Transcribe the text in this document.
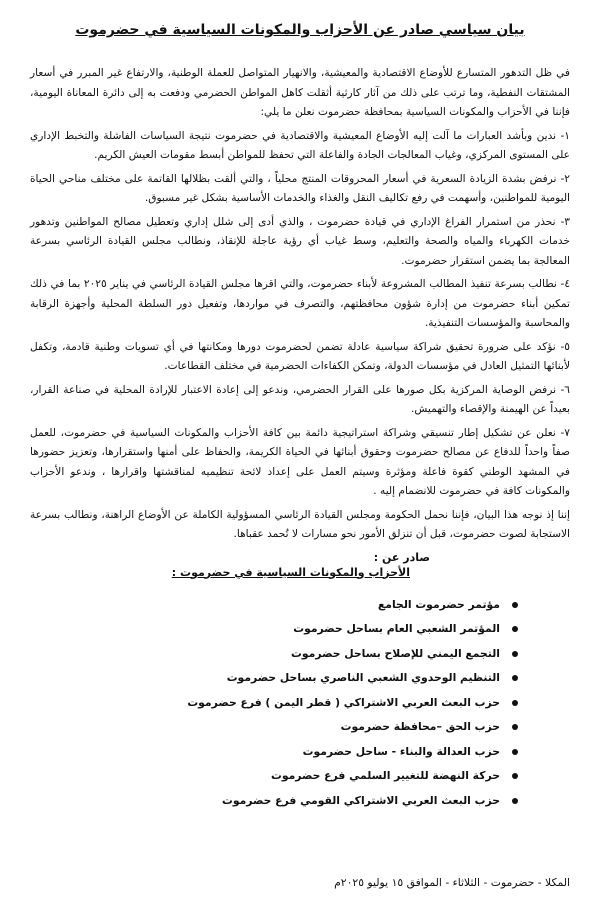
بيان سياسي صادر عن الأحزاب والمكونات السياسية في حضرموت

في ظل التدهور المتسارع للأوضاع الاقتصادية والمعيشية، والانهيار المتواصل للعملة الوطنية، والارتفاع غير المبرر في أسعار المشتقات النفطية، وما ترتب على ذلك من آثار كارثية أثقلت كاهل المواطن الحضرمي ودفعت به إلى دائرة المعاناة اليومية، فإننا في الأحزاب والمكونات السياسية بمحافظة حضرموت نعلن ما يلي:

١- ندين وبأشد العبارات ما آلت إليه الأوضاع المعيشية والاقتصادية في حضرموت نتيجة السياسات الفاشلة والتخبط الإداري على المستوى المركزي، وغياب المعالجات الجادة والفاعلة التي تحفظ للمواطن أبسط مقومات العيش الكريم.

٢- نرفض بشدة الزيادة السعرية في أسعار المحروقات المنتج محلياً ، والتي ألقت بظلالها القاتمة على مختلف مناحي الحياة اليومية للمواطنين، وأسهمت في رفع تكاليف النقل والغذاء والخدمات الأساسية بشكل غير مسبوق.

٣- نحذر من استمرار الفراغ الإداري في قيادة حضرموت ، والذي أدى إلى شلل إداري وتعطيل مصالح المواطنين وتدهور خدمات الكهرباء والمياه والصحة والتعليم، وسط غياب أي رؤية عاجلة للإنقاذ، ونطالب مجلس القيادة الرئاسي بسرعة المعالجة بما يضمن استقرار حضرموت.

٤- نطالب بسرعة تنفيذ المطالب المشروعة لأبناء حضرموت، والتي اقرها مجلس القيادة الرئاسي في يناير ٢٠٢٥ بما في ذلك تمكين أبناء حضرموت من إدارة شؤون محافظتهم، والتصرف في مواردها، وتفعيل دور السلطة المحلية وأجهزة الرقابة والمحاسبة والمؤسسات التنفيذية.

٥- نؤكد على ضرورة تحقيق شراكة سياسية عادلة تضمن لحضرموت دورها ومكانتها في أي تسويات وطنية قادمة، وتكفل لأبنائها التمثيل العادل في مؤسسات الدولة، وتمكن الكفاءات الحضرمية في مختلف القطاعات.

٦- نرفض الوصاية المركزية بكل صورها على القرار الحضرمي، وندعو إلى إعادة الاعتبار للإرادة المحلية في صناعة القرار، بعيداً عن الهيمنة والإقصاء والتهميش.

٧- نعلن عن تشكيل إطار تنسيقي وشراكة استراتيجية دائمة بين كافة الأحزاب والمكونات السياسية في حضرموت، للعمل صفاً واحداً للدفاع عن مصالح حضرموت وحقوق أبنائها في الحياة الكريمة، والحفاظ على أمنها واستقرارها، وتعزيز حضورها في المشهد الوطني كقوة فاعلة ومؤثرة وسيتم العمل على إعداد لائحة تنظيميه لمناقشتها واقرارها ، وندعو الأحزاب والمكونات كافة في حضرموت للانضمام إليه .

إننا إذ نوجه هذا البيان، فإننا نحمل الحكومة ومجلس القيادة الرئاسي المسؤولية الكاملة عن الأوضاع الراهنة، ونطالب بسرعة الاستجابة لصوت حضرموت، قبل أن تنزلق الأمور نحو مسارات لا تُحمد عقباها.

صادر عن :
الأحزاب والمكونات السياسية في حضرموت :
مؤتمر حضرموت الجامع
المؤتمر الشعبي العام بساحل حضرموت
التجمع اليمني للإصلاح بساحل حضرموت
التنظيم الوحدوي الشعبي الناصري بساحل حضرموت
حزب البعث العربي الاشتراكي ( قطر اليمن ) فرع حضرموت
حزب الحق –محافظة حضرموت
حزب العدالة والبناء - ساحل حضرموت
حركة النهضة للتغيير السلمي فرع حضرموت
حزب البعث العربي الاشتراكي القومي فرع حضرموت
المكلا - حضرموت - الثلاثاء - الموافق ١٥ يوليو ٢٠٢٥م
